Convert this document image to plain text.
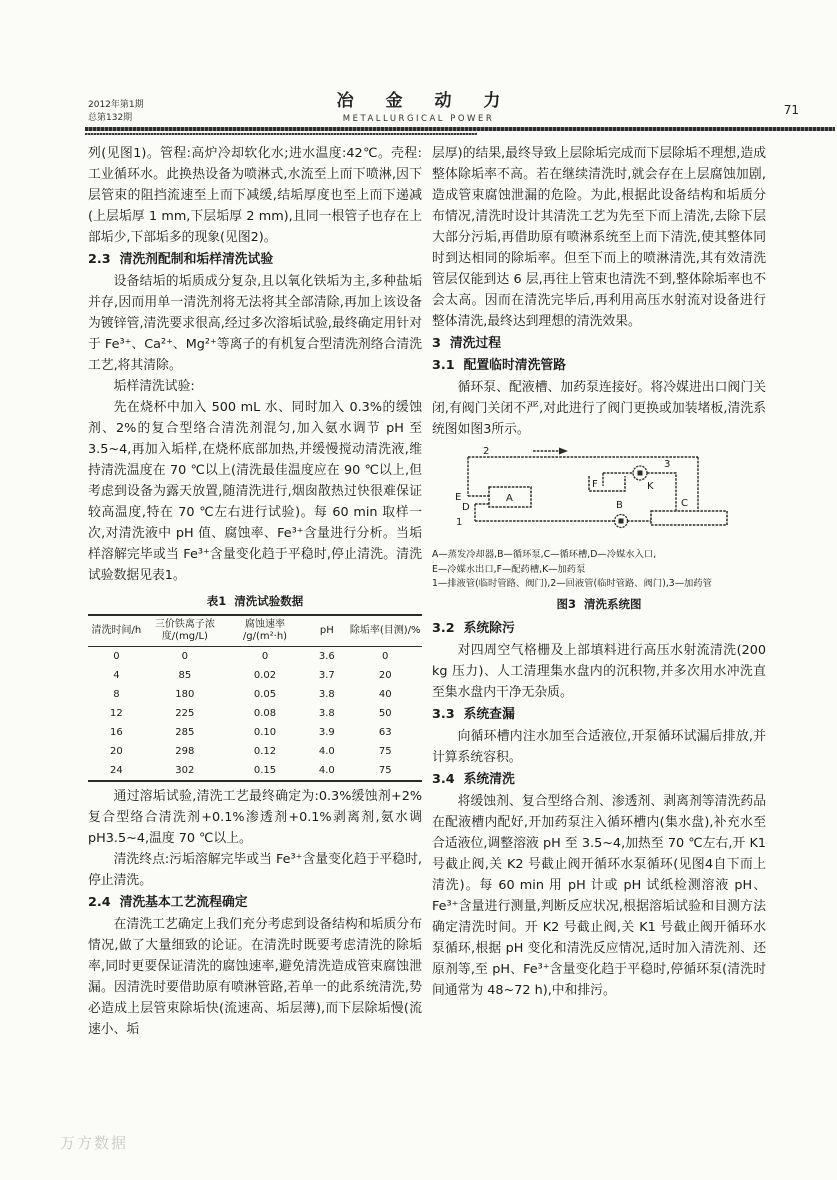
2012年第1期
总第132期
冶 金 动 力
METALLURGICAL POWER
71

列(见图1)。管程:高炉冷却软化水;进水温度:42℃。壳程:工业循环水。此换热设备为喷淋式,水流至上而下喷淋,因下层管束的阻挡流速至上而下减缓,结垢厚度也至上而下递减(上层垢厚 1 mm,下层垢厚 2 mm),且同一根管子也存在上部垢少,下部垢多的现象(见图2)。

2.3  清洗剂配制和垢样清洗试验

设备结垢的垢质成分复杂,且以氧化铁垢为主,多种盐垢并存,因而用单一清洗剂将无法将其全部清除,再加上该设备为镀锌管,清洗要求很高,经过多次溶垢试验,最终确定用针对于 Fe³⁺、Ca²⁺、Mg²⁺等离子的有机复合型清洗剂络合清洗工艺,将其清除。

垢样清洗试验:

先在烧杯中加入 500 mL 水、同时加入 0.3%的缓蚀剂、2%的复合型络合清洗剂混匀,加入氨水调节 pH 至 3.5~4,再加入垢样,在烧杯底部加热,并缓慢搅动清洗液,维持清洗温度在 70 ℃以上(清洗最佳温度应在 90 ℃以上,但考虑到设备为露天放置,随清洗进行,烟囱散热过快很难保证较高温度,特在 70 ℃左右进行试验)。每 60 min 取样一次,对清洗液中 pH 值、腐蚀率、Fe³⁺含量进行分析。当垢样溶解完毕或当 Fe³⁺含量变化趋于平稳时,停止清洗。清洗试验数据见表1。

表1  清洗试验数据
清洗时间/h	三价铁离子浓度/(mg/L)	腐蚀速率 /g/(m²·h)	pH	除垢率(目测)/%
0	0	0	3.6	0
4	85	0.02	3.7	20
8	180	0.05	3.8	40
12	225	0.08	3.8	50
16	285	0.10	3.9	63
20	298	0.12	4.0	75
24	302	0.15	4.0	75

通过溶垢试验,清洗工艺最终确定为:0.3%缓蚀剂+2%复合型络合清洗剂+0.1%渗透剂+0.1%剥离剂,氨水调 pH3.5~4,温度 70 ℃以上。

清洗终点:污垢溶解完毕或当 Fe³⁺含量变化趋于平稳时,停止清洗。

2.4  清洗基本工艺流程确定

在清洗工艺确定上我们充分考虑到设备结构和垢质分布情况,做了大量细致的论证。在清洗时既要考虑清洗的除垢率,同时更要保证清洗的腐蚀速率,避免清洗造成管束腐蚀泄漏。因清洗时要借助原有喷淋管路,若单一的此系统清洗,势必造成上层管束除垢快(流速高、垢层薄),而下层除垢慢(流速小、垢

层厚)的结果,最终导致上层除垢完成而下层除垢不理想,造成整体除垢率不高。若在继续清洗时,就会存在上层腐蚀加剧,造成管束腐蚀泄漏的危险。为此,根据此设备结构和垢质分布情况,清洗时设计其清洗工艺为先至下而上清洗,去除下层大部分污垢,再借助原有喷淋系统至上而下清洗,使其整体同时到达相同的除垢率。但至下而上的喷淋清洗,其有效清洗管层仅能到达 6 层,再往上管束也清洗不到,整体除垢率也不会太高。因而在清洗完毕后,再利用高压水射流对设备进行整体清洗,最终达到理想的清洗效果。

3  清洗过程
3.1  配置临时清洗管路

循环泵、配液槽、加药泵连接好。将冷媒进出口阀门关闭,有阀门关闭不严,对此进行了阀门更换或加装堵板,清洗系统图如图3所示。

2
E	A
D
1
B	C
F	K
3
A—蒸发冷却器,B—循环泵,C—循环槽,D—冷媒水入口,
E—冷媒水出口,F—配药槽,K—加药泵
1—排液管(临时管路、阀门),2—回液管(临时管路、阀门),3—加药管
图3  清洗系统图
3.2  系统除污

对四周空气格栅及上部填料进行高压水射流清洗(200 kg 压力)、人工清理集水盘内的沉积物,并多次用水冲洗直至集水盘内干净无杂质。

3.3  系统查漏

向循环槽内注水加至合适液位,开泵循环试漏后排放,并计算系统容积。

3.4  系统清洗

将缓蚀剂、复合型络合剂、渗透剂、剥离剂等清洗药品在配液槽内配好,开加药泵注入循环槽内(集水盘),补充水至合适液位,调整溶液 pH 至 3.5~4,加热至 70 ℃左右,开 K1 号截止阀,关 K2 号截止阀开循环水泵循环(见图4自下而上清洗)。每 60 min 用 pH 计或 pH 试纸检测溶液 pH、Fe³⁺含量进行测量,判断反应状况,根据溶垢试验和目测方法确定清洗时间。开 K2 号截止阀,关 K1 号截止阀开循环水泵循环,根据 pH 变化和清洗反应情况,适时加入清洗剂、还原剂等,至 pH、Fe³⁺含量变化趋于平稳时,停循环泵(清洗时间通常为 48~72 h),中和排污。

万方数据
